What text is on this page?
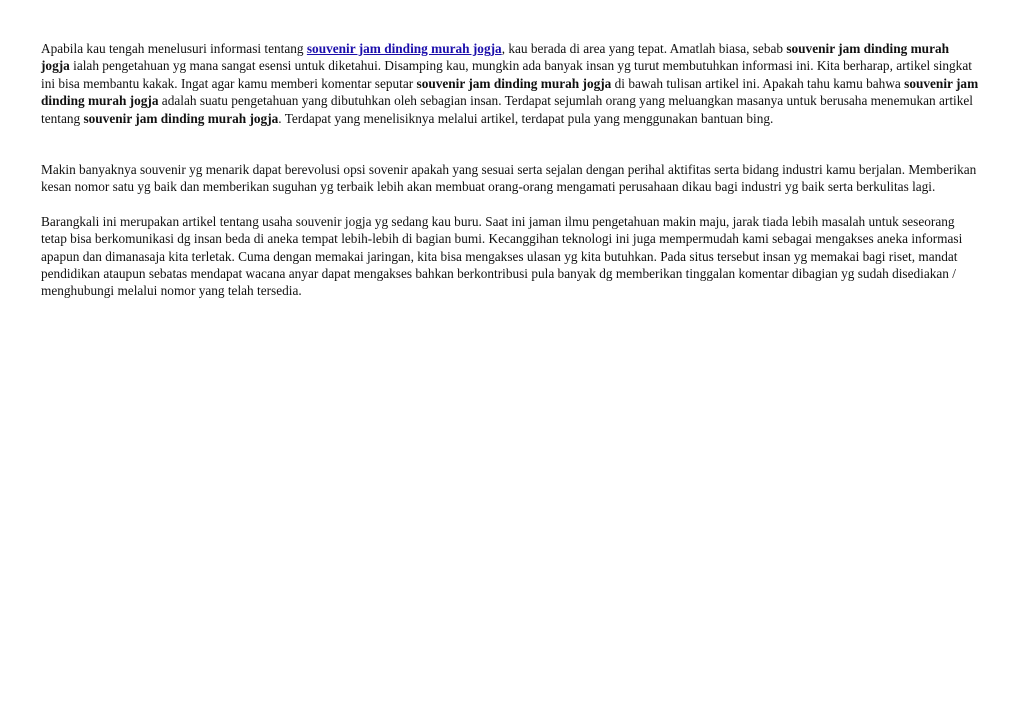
Apabila kau tengah menelusuri informasi tentang souvenir jam dinding murah jogja, kau berada di area yang tepat. Amatlah biasa, sebab souvenir jam dinding murah jogja ialah pengetahuan yg mana sangat esensi untuk diketahui. Disamping kau, mungkin ada banyak insan yg turut membutuhkan informasi ini. Kita berharap, artikel singkat ini bisa membantu kakak. Ingat agar kamu memberi komentar seputar souvenir jam dinding murah jogja di bawah tulisan artikel ini. Apakah tahu kamu bahwa souvenir jam dinding murah jogja adalah suatu pengetahuan yang dibutuhkan oleh sebagian insan. Terdapat sejumlah orang yang meluangkan masanya untuk berusaha menemukan artikel tentang souvenir jam dinding murah jogja. Terdapat yang menelisiknya melalui artikel, terdapat pula yang menggunakan bantuan bing.

Makin banyaknya souvenir yg menarik dapat berevolusi opsi sovenir apakah yang sesuai serta sejalan dengan perihal aktifitas serta bidang industri kamu berjalan. Memberikan kesan nomor satu yg baik dan memberikan suguhan yg terbaik lebih akan membuat orang-orang mengamati perusahaan dikau bagi industri yg baik serta berkulitas lagi.

Barangkali ini merupakan artikel tentang usaha souvenir jogja yg sedang kau buru. Saat ini jaman ilmu pengetahuan makin maju, jarak tiada lebih masalah untuk seseorang tetap bisa berkomunikasi dg insan beda di aneka tempat lebih-lebih di bagian bumi. Kecanggihan teknologi ini juga mempermudah kami sebagai mengakses aneka informasi apapun dan dimanasaja kita terletak. Cuma dengan memakai jaringan, kita bisa mengakses ulasan yg kita butuhkan. Pada situs tersebut insan yg memakai bagi riset, mandat pendidikan ataupun sebatas mendapat wacana anyar dapat mengakses bahkan berkontribusi pula banyak dg memberikan tinggalan komentar dibagian yg sudah disediakan / menghubungi melalui nomor yang telah tersedia.
